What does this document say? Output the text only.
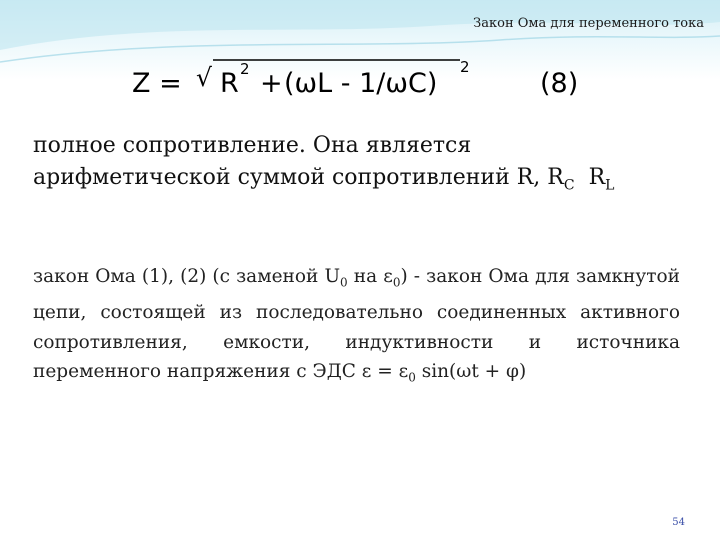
Закон Ома для переменного тока
Z = √ R 2 + (ωL - 1/ωC)
2
(8)
полное сопротивление. Она является
арифметической суммой сопротивлений R, $R_C$ $R_L$
закон Ома (1), (2) (с заменой $U_0$ на $\varepsilon_0$) - закон Ома для замкнутой цепи, состоящей из последовательно соединенных активного сопротивления, емкости, индуктивности и источника переменного напряжения с ЭДС $\varepsilon = \varepsilon_0$ sin(ωt + φ)
54
